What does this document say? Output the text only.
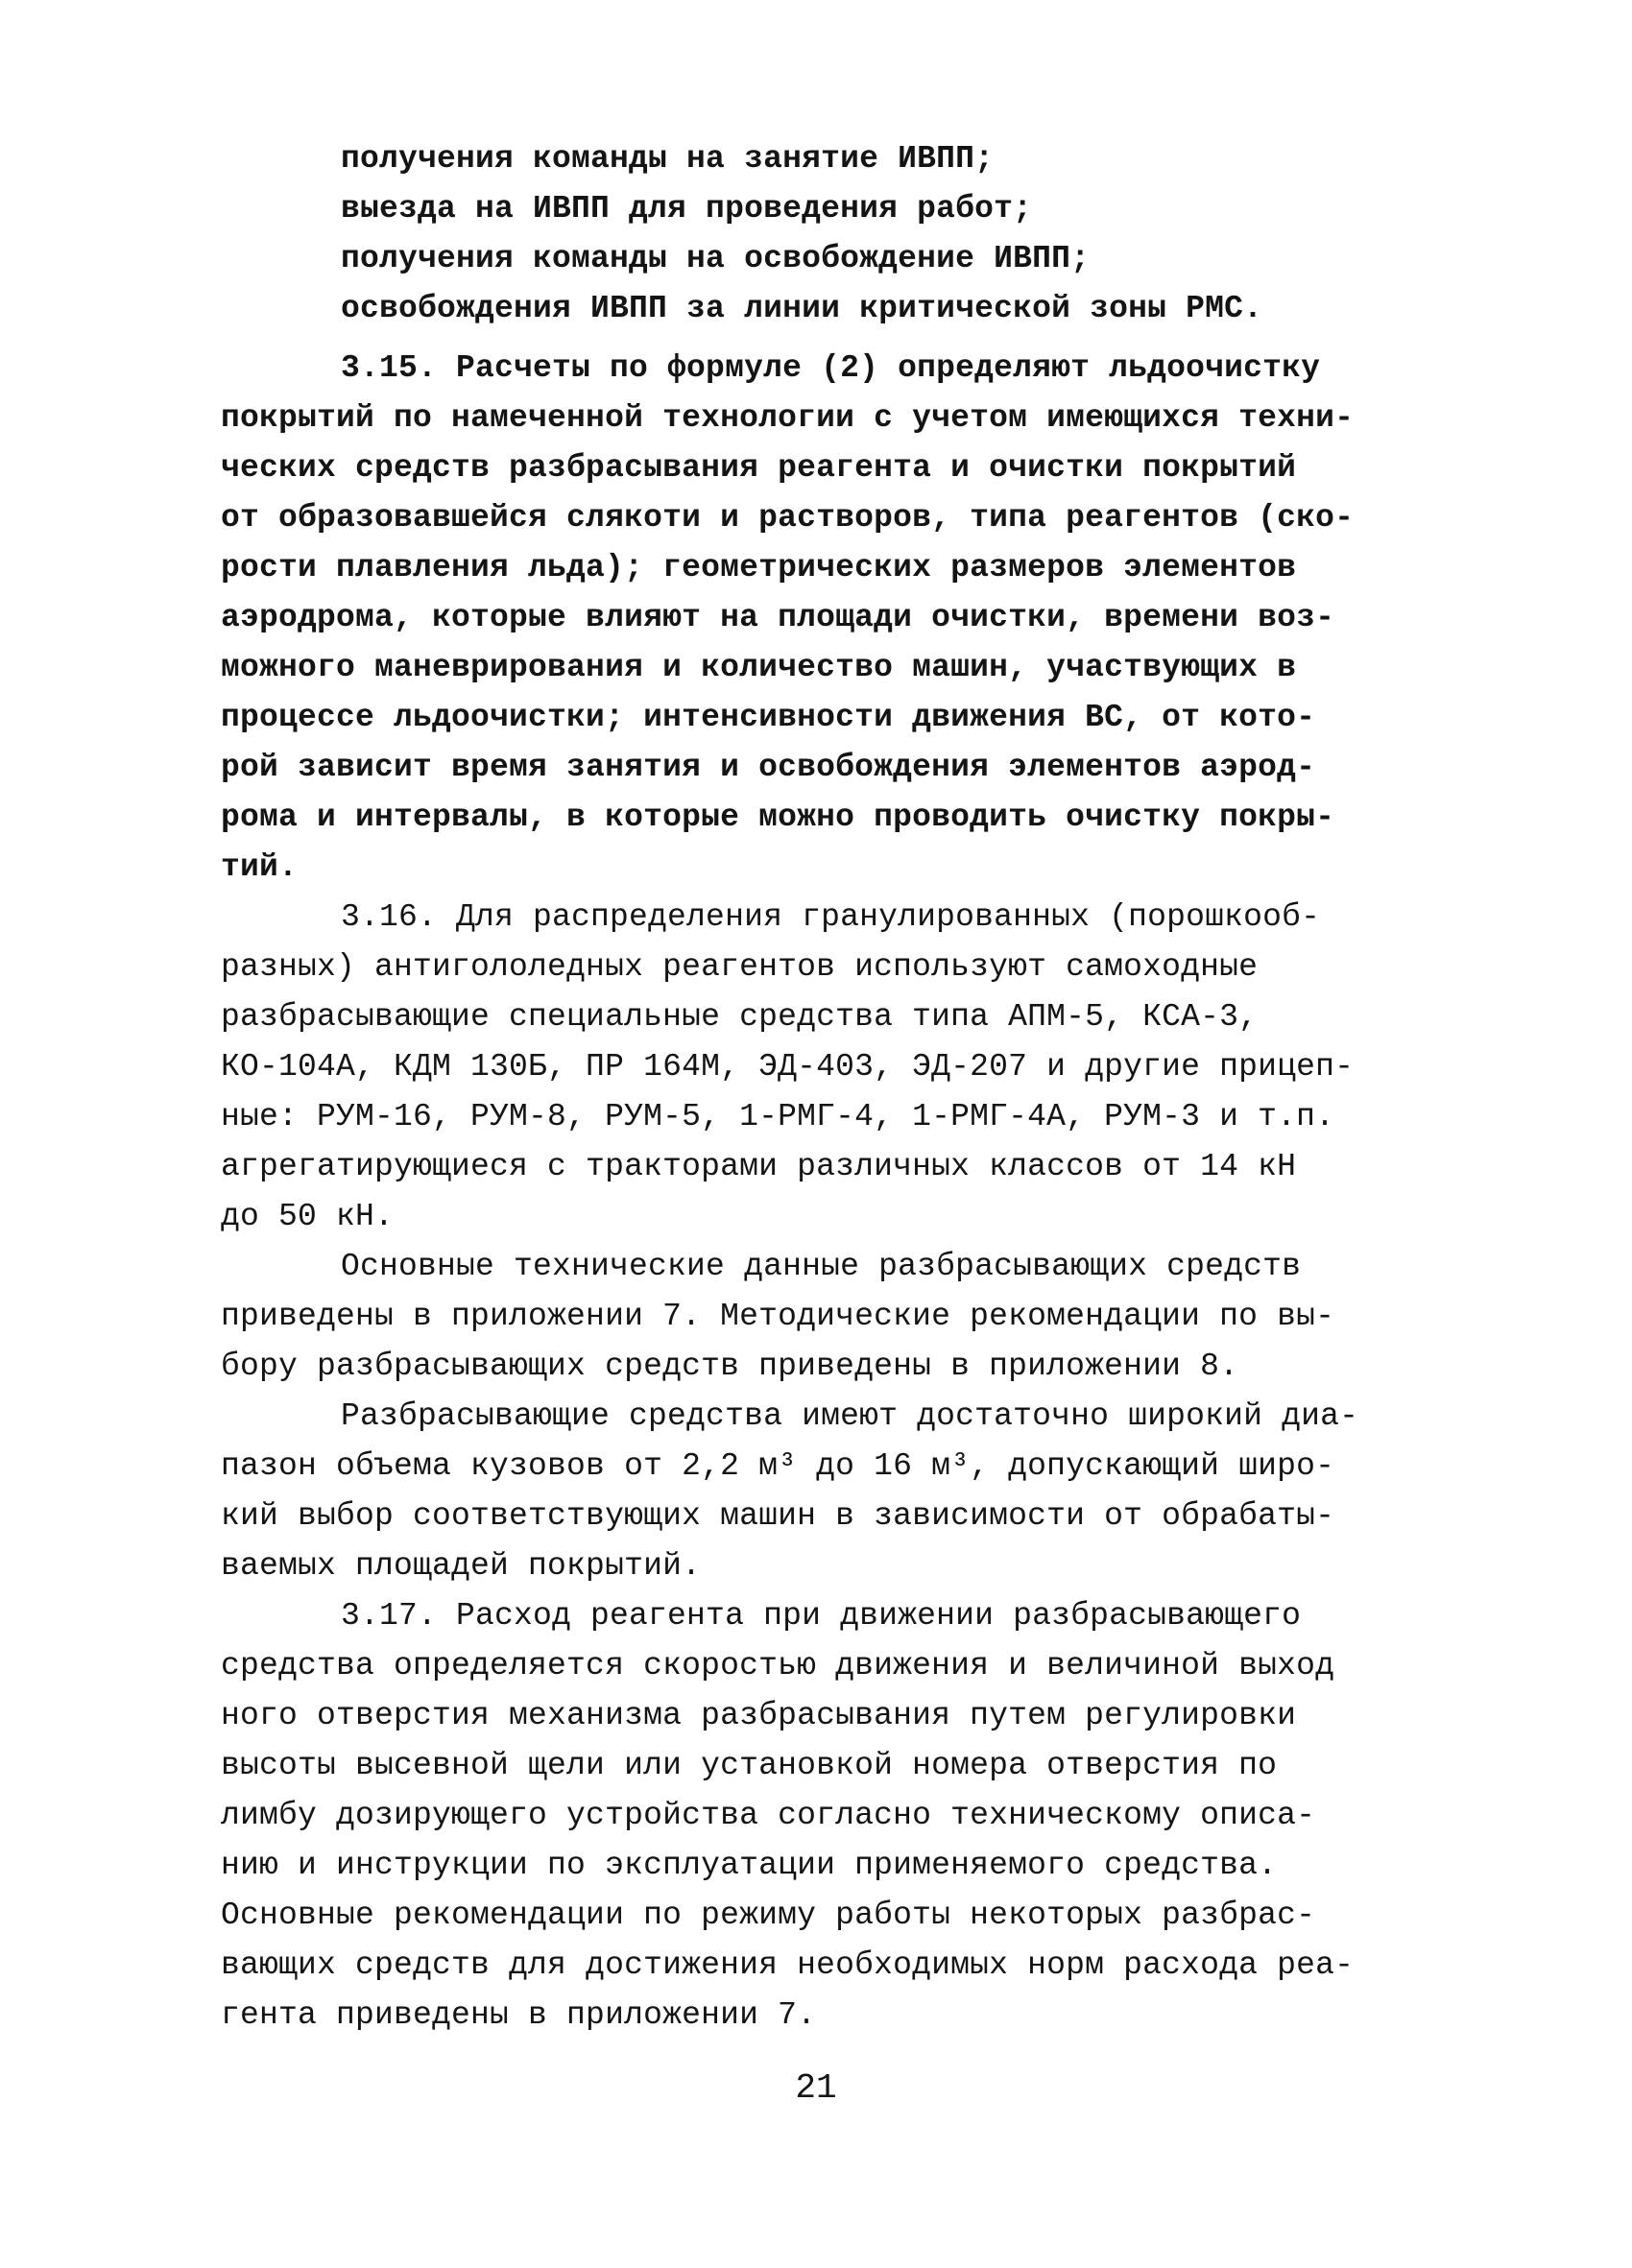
получения команды на занятие ИВПП;
выезда на ИВПП для проведения работ;
получения команды на освобождение ИВПП;
освобождения ИВПП за линии критической зоны РМС.
3.15. Расчеты по формуле (2) определяют льдоочистку
покрытий по намеченной технологии с учетом имеющихся техни-
ческих средств разбрасывания реагента и очистки покрытий
от образовавшейся слякоти и растворов, типа реагентов (ско-
рости плавления льда); геометрических размеров элементов
аэродрома, которые влияют на площади очистки, времени воз-
можного маневрирования и количество машин, участвующих в
процессе льдоочистки; интенсивности движения ВС, от кото-
рой зависит время занятия и освобождения элементов аэрод-
рома и интервалы, в которые можно проводить очистку покры-
тий.
3.16. Для распределения гранулированных (порошкооб-
разных) антигололедных реагентов используют самоходные
разбрасывающие специальные средства типа АПМ-5, КСА-3,
КО-104А, КДМ 130Б, ПР 164М, ЭД-403, ЭД-207 и другие прицеп-
ные: РУМ-16, РУМ-8, РУМ-5, 1-РМГ-4, 1-РМГ-4А, РУМ-3 и т.п.
агрегатирующиеся с тракторами различных классов от 14 кН
до 50 кН.
Основные технические данные разбрасывающих средств
приведены в приложении 7. Методические рекомендации по вы-
бору разбрасывающих средств приведены в приложении 8.
Разбрасывающие средства имеют достаточно широкий диа-
пазон объема кузовов от 2,2 м³ до 16 м³, допускающий широ-
кий выбор соответствующих машин в зависимости от обрабаты-
ваемых площадей покрытий.
3.17. Расход реагента при движении разбрасывающего
средства определяется скоростью движения и величиной выход
ного отверстия механизма разбрасывания путем регулировки
высоты высевной щели или установкой номера отверстия по
лимбу дозирующего устройства согласно техническому описа-
нию и инструкции по эксплуатации применяемого средства.
Основные рекомендации по режиму работы некоторых разбрас-
вающих средств для достижения необходимых норм расхода реа-
гента приведены в приложении 7.
21
